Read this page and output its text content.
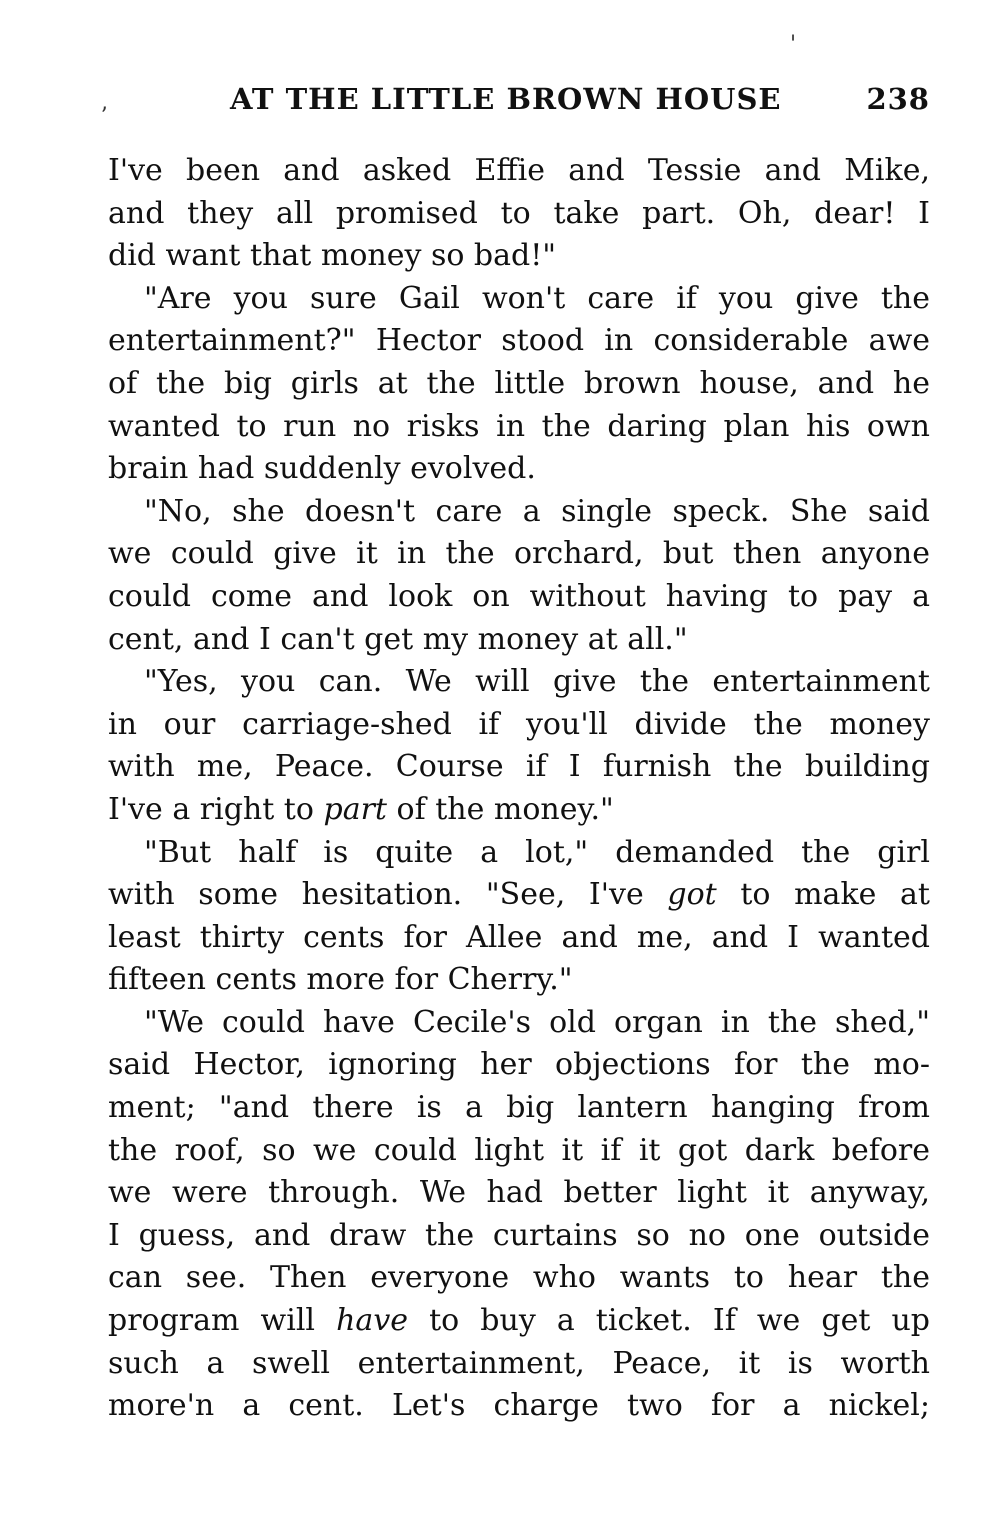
'
ʼ
AT THE LITTLE BROWN HOUSE	238
I've been and asked Effie and Tessie and Mike,
and they all promised to take part. Oh, dear! I
did want that money so bad!"
"Are you sure Gail won't care if you give the
entertainment?" Hector stood in considerable awe
of the big girls at the little brown house, and he
wanted to run no risks in the daring plan his own
brain had suddenly evolved.
"No, she doesn't care a single speck. She said
we could give it in the orchard, but then anyone
could come and look on without having to pay a
cent, and I can't get my money at all."
"Yes, you can. We will give the entertainment
in our carriage-shed if you'll divide the money
with me, Peace. Course if I furnish the building
I've a right to part of the money."
"But half is quite a lot," demanded the girl
with some hesitation. "See, I've got to make at
least thirty cents for Allee and me, and I wanted
fifteen cents more for Cherry."
"We could have Cecile's old organ in the shed,"
said Hector, ignoring her objections for the mo-
ment; "and there is a big lantern hanging from
the roof, so we could light it if it got dark before
we were through. We had better light it anyway,
I guess, and draw the curtains so no one outside
can see. Then everyone who wants to hear the
program will have to buy a ticket. If we get up
such a swell entertainment, Peace, it is worth
more'n a cent. Let's charge two for a nickel;
